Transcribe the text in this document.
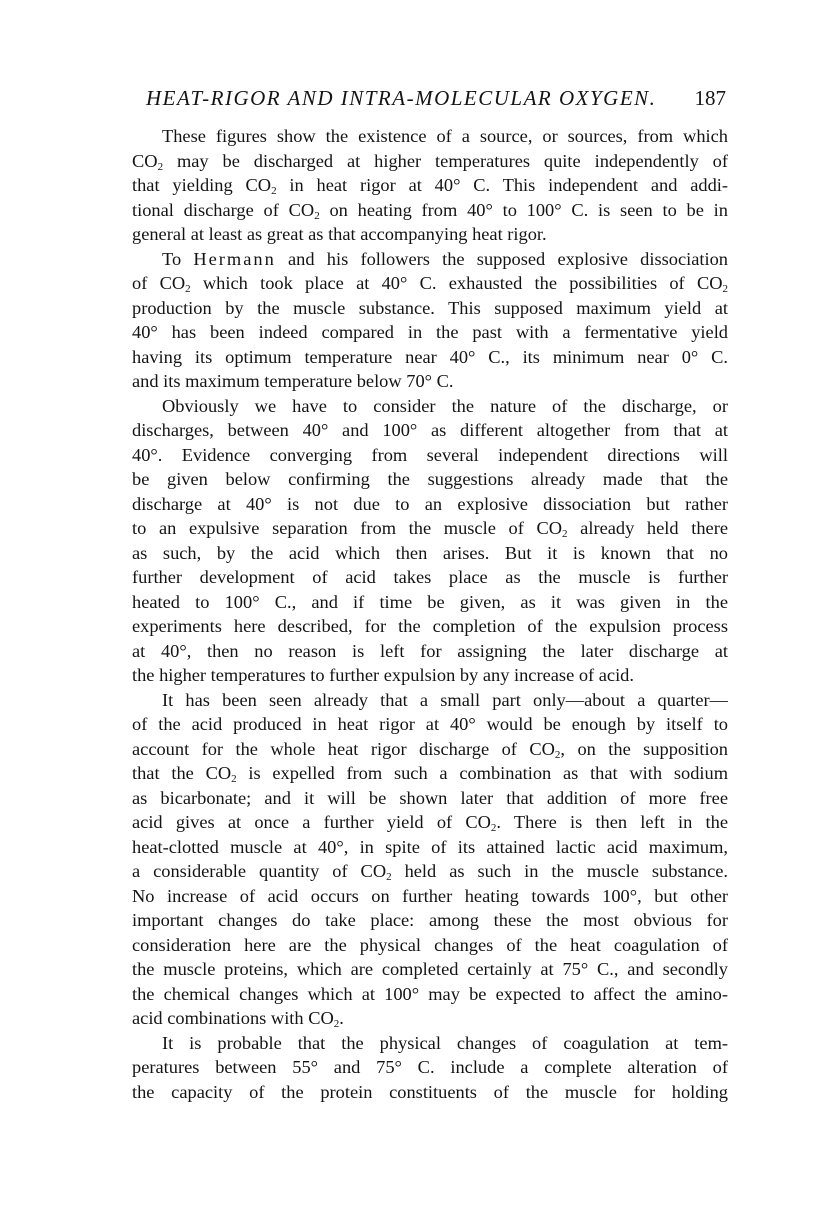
HEAT-RIGOR AND INTRA-MOLECULAR OXYGEN. 187
These figures show the existence of a source, or sources, from which
$CO_2$ may be discharged at higher temperatures quite independently of
that yielding $CO_2$ in heat rigor at 40° C. This independent and addi-
tional discharge of $CO_2$ on heating from 40° to 100° C. is seen to be in
general at least as great as that accompanying heat rigor.
To Hermann and his followers the supposed explosive dissociation
of $CO_2$ which took place at 40° C. exhausted the possibilities of $CO_2$
production by the muscle substance. This supposed maximum yield at
40° has been indeed compared in the past with a fermentative yield
having its optimum temperature near 40° C., its minimum near 0° C.
and its maximum temperature below 70° C.
Obviously we have to consider the nature of the discharge, or
discharges, between 40° and 100° as different altogether from that at
40°. Evidence converging from several independent directions will
be given below confirming the suggestions already made that the
discharge at 40° is not due to an explosive dissociation but rather
to an expulsive separation from the muscle of $CO_2$ already held there
as such, by the acid which then arises. But it is known that no
further development of acid takes place as the muscle is further
heated to 100° C., and if time be given, as it was given in the
experiments here described, for the completion of the expulsion process
at 40°, then no reason is left for assigning the later discharge at
the higher temperatures to further expulsion by any increase of acid.
It has been seen already that a small part only—about a quarter—
of the acid produced in heat rigor at 40° would be enough by itself to
account for the whole heat rigor discharge of $CO_2$, on the supposition
that the $CO_2$ is expelled from such a combination as that with sodium
as bicarbonate; and it will be shown later that addition of more free
acid gives at once a further yield of $CO_2$. There is then left in the
heat-clotted muscle at 40°, in spite of its attained lactic acid maximum,
a considerable quantity of $CO_2$ held as such in the muscle substance.
No increase of acid occurs on further heating towards 100°, but other
important changes do take place: among these the most obvious for
consideration here are the physical changes of the heat coagulation of
the muscle proteins, which are completed certainly at 75° C., and secondly
the chemical changes which at 100° may be expected to affect the amino-
acid combinations with $CO_2$.
It is probable that the physical changes of coagulation at tem-
peratures between 55° and 75° C. include a complete alteration of
the capacity of the protein constituents of the muscle for holding
